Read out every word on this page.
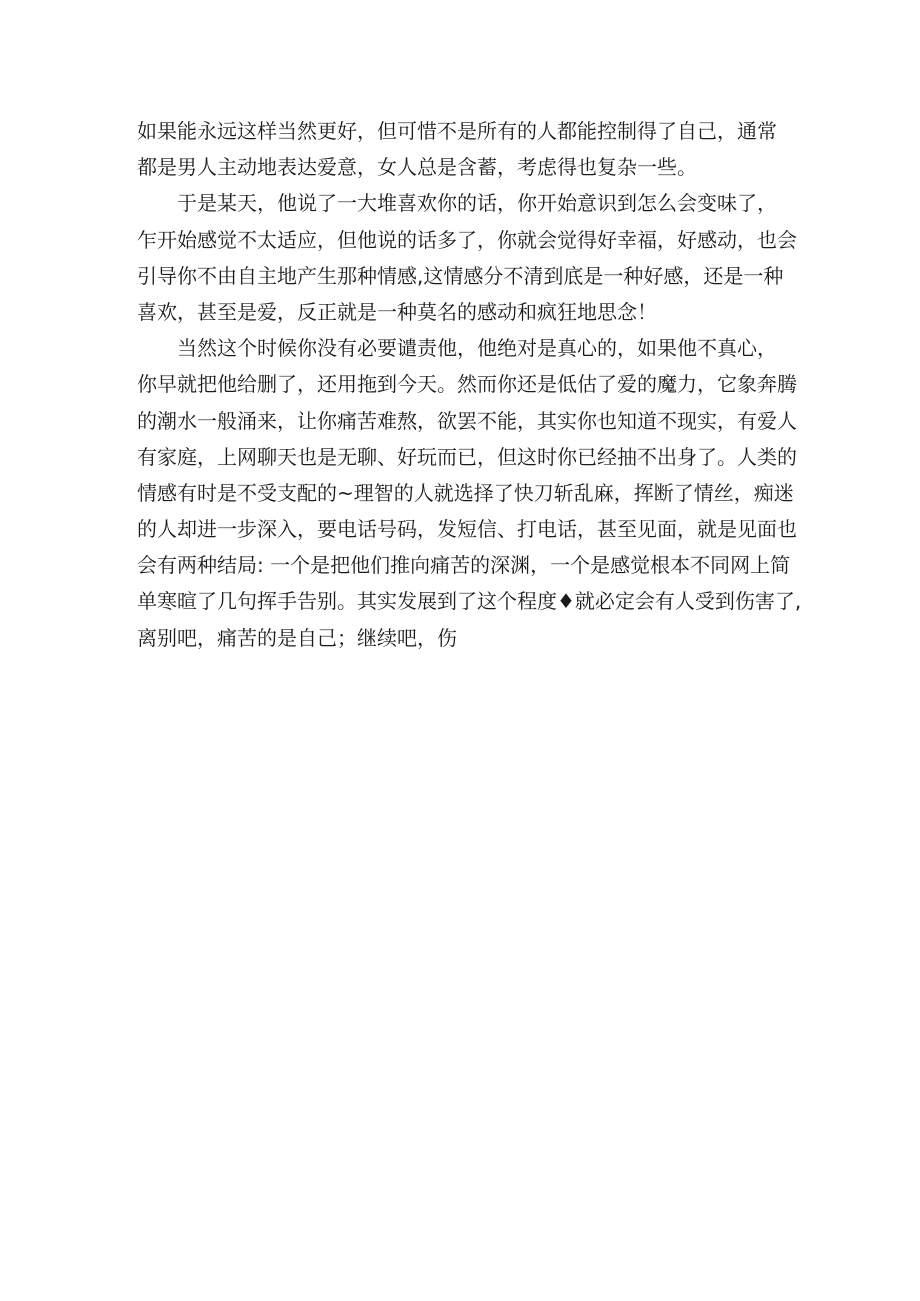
如果能永远这样当然更好，但可惜不是所有的人都能控制得了自己，通常
都是男人主动地表达爱意，女人总是含蓄，考虑得也复杂一些。
　　于是某天，他说了一大堆喜欢你的话，你开始意识到怎么会变味了，
乍开始感觉不太适应，但他说的话多了，你就会觉得好幸福，好感动，也会
引导你不由自主地产生那种情感,这情感分不清到底是一种好感，还是一种
喜欢，甚至是爱，反正就是一种莫名的感动和疯狂地思念！
　　当然这个时候你没有必要谴责他，他绝对是真心的，如果他不真心，
你早就把他给删了，还用拖到今天。然而你还是低估了爱的魔力，它象奔腾
的潮水一般涌来，让你痛苦难熬，欲罢不能，其实你也知道不现实，有爱人
有家庭，上网聊天也是无聊、好玩而已，但这时你已经抽不出身了。人类的
情感有时是不受支配的~理智的人就选择了快刀斩乱麻，挥断了情丝，痴迷
的人却进一步深入，要电话号码，发短信、打电话，甚至见面，就是见面也
会有两种结局: 一个是把他们推向痛苦的深渊，一个是感觉根本不同网上简
单寒暄了几句挥手告别。其实发展到了这个程度♦就必定会有人受到伤害了,
离别吧，痛苦的是自己；继续吧，伤
